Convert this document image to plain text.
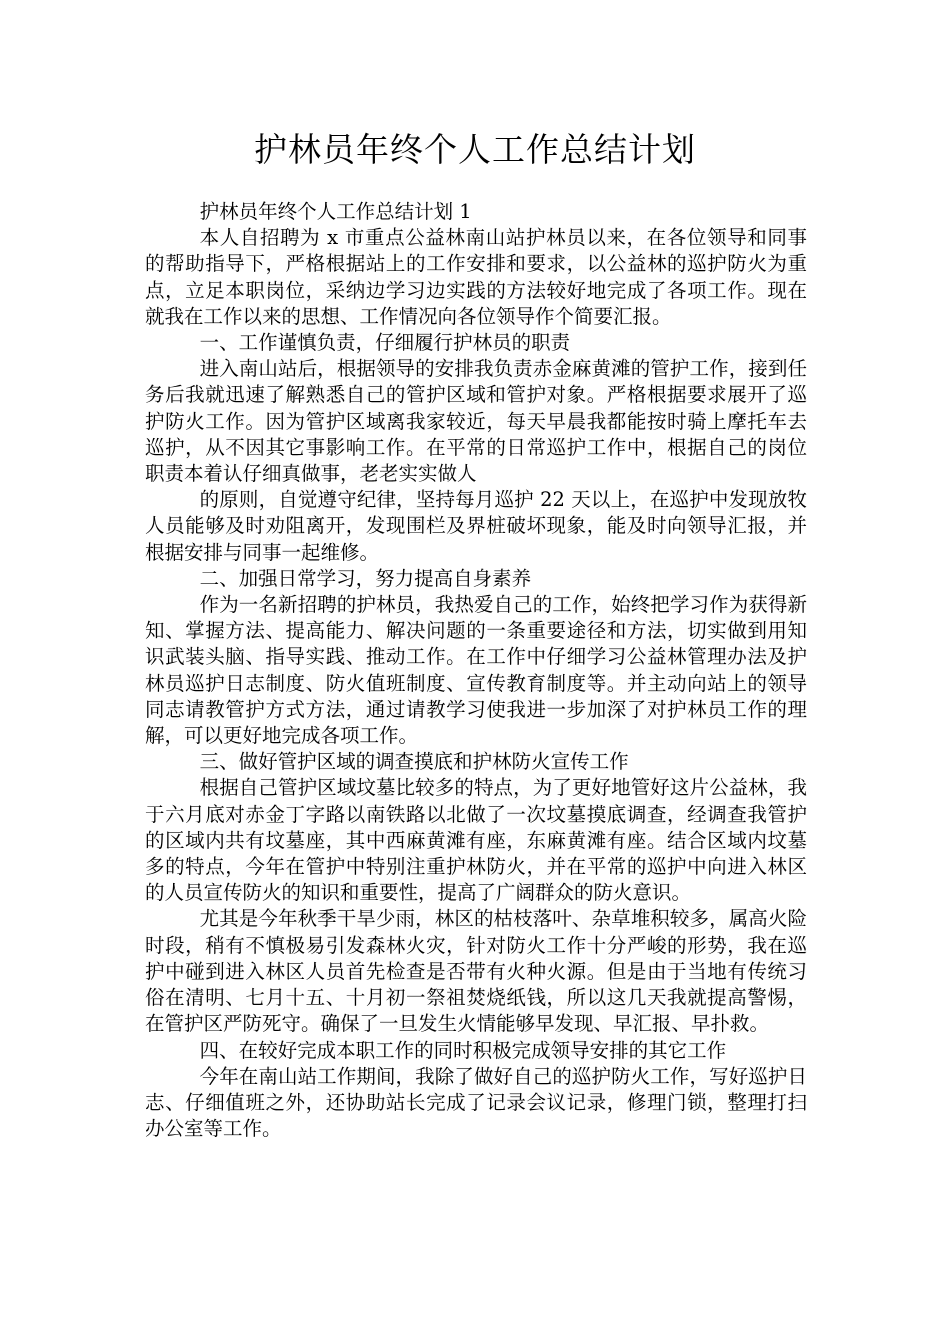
护林员年终个人工作总结计划

护林员年终个人工作总结计划 1

本人自招聘为 x 市重点公益林南山站护林员以来，在各位领导和同事的帮助指导下，严格根据站上的工作安排和要求，以公益林的巡护防火为重点，立足本职岗位，采纳边学习边实践的方法较好地完成了各项工作。现在就我在工作以来的思想、工作情况向各位领导作个简要汇报。

一、工作谨慎负责，仔细履行护林员的职责

进入南山站后，根据领导的安排我负责赤金麻黄滩的管护工作，接到任务后我就迅速了解熟悉自己的管护区域和管护对象。严格根据要求展开了巡护防火工作。因为管护区域离我家较近，每天早晨我都能按时骑上摩托车去巡护，从不因其它事影响工作。在平常的日常巡护工作中，根据自己的岗位职责本着认仔细真做事，老老实实做人

的原则，自觉遵守纪律，坚持每月巡护 22 天以上，在巡护中发现放牧人员能够及时劝阻离开，发现围栏及界桩破坏现象，能及时向领导汇报，并根据安排与同事一起维修。

二、加强日常学习，努力提高自身素养

作为一名新招聘的护林员，我热爱自己的工作，始终把学习作为获得新知、掌握方法、提高能力、解决问题的一条重要途径和方法，切实做到用知识武装头脑、指导实践、推动工作。在工作中仔细学习公益林管理办法及护林员巡护日志制度、防火值班制度、宣传教育制度等。并主动向站上的领导同志请教管护方式方法，通过请教学习使我进一步加深了对护林员工作的理解，可以更好地完成各项工作。

三、做好管护区域的调查摸底和护林防火宣传工作

根据自己管护区域坟墓比较多的特点，为了更好地管好这片公益林，我于六月底对赤金丁字路以南铁路以北做了一次坟墓摸底调查，经调查我管护的区域内共有坟墓座，其中西麻黄滩有座，东麻黄滩有座。结合区域内坟墓多的特点，今年在管护中特别注重护林防火，并在平常的巡护中向进入林区的人员宣传防火的知识和重要性，提高了广阔群众的防火意识。

尤其是今年秋季干旱少雨，林区的枯枝落叶、杂草堆积较多，属高火险时段，稍有不慎极易引发森林火灾，针对防火工作十分严峻的形势，我在巡护中碰到进入林区人员首先检查是否带有火种火源。但是由于当地有传统习俗在清明、七月十五、十月初一祭祖焚烧纸钱，所以这几天我就提高警惕，在管护区严防死守。确保了一旦发生火情能够早发现、早汇报、早扑救。

四、在较好完成本职工作的同时积极完成领导安排的其它工作

今年在南山站工作期间，我除了做好自己的巡护防火工作，写好巡护日志、仔细值班之外，还协助站长完成了记录会议记录，修理门锁，整理打扫办公室等工作。
